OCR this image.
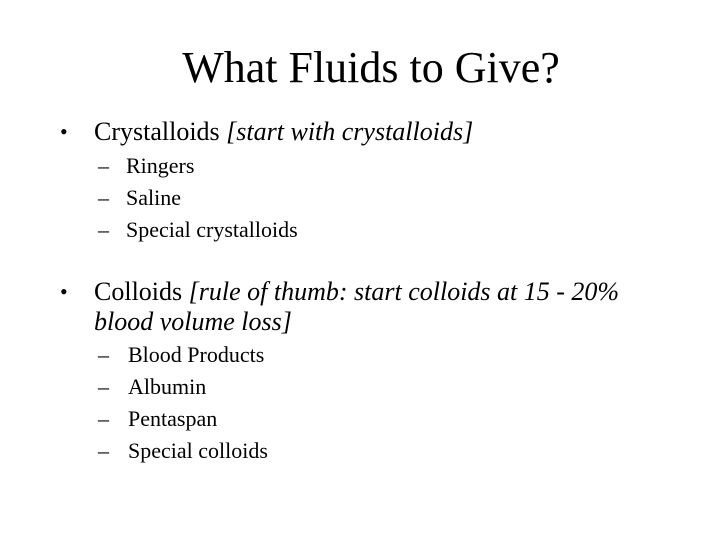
What Fluids to Give?
• Crystalloids [start with crystalloids]
– Ringers
– Saline
– Special crystalloids
• Colloids [rule of thumb: start colloids at 15 - 20% blood volume loss]
– Blood Products
– Albumin
– Pentaspan
– Special colloids
